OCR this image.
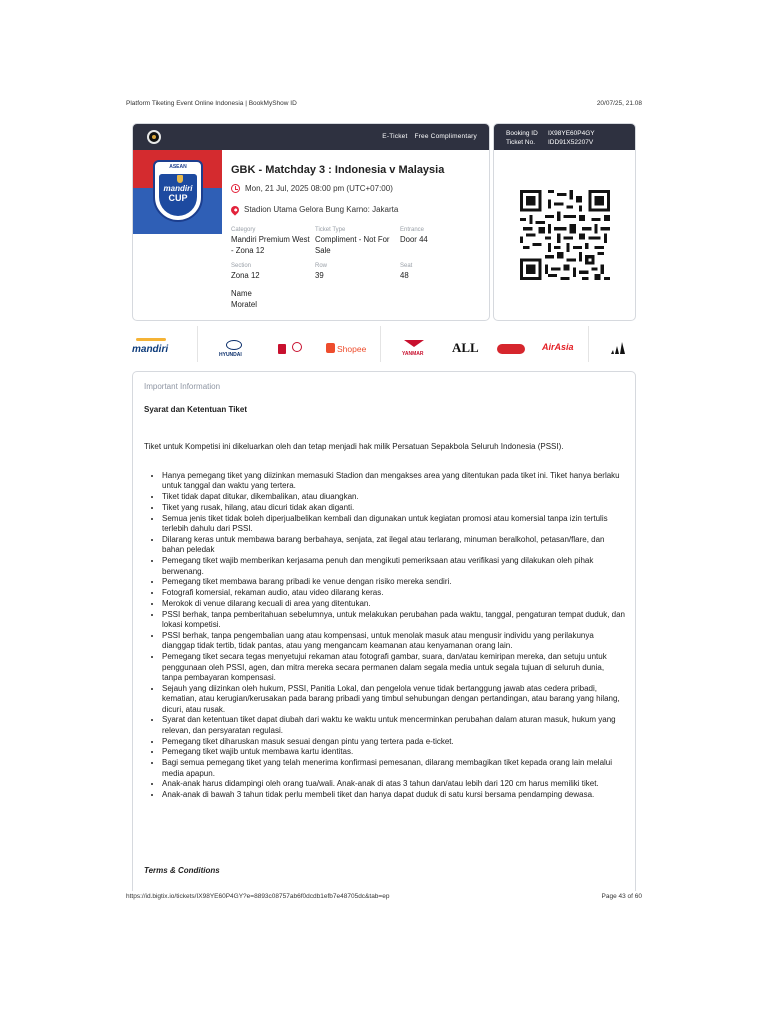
Platform Tiketing Event Online Indonesia | BookMyShow ID	20/07/25, 21.08
E-Ticket Free Complimentary
ASEAN
mandiri
CUP
GBK - Matchday 3 : Indonesia v Malaysia
Mon, 21 Jul, 2025 08:00 pm (UTC+07:00)
Stadion Utama Gelora Bung Karno: Jakarta
Category
Mandiri Premium West - Zona 12
Ticket Type
Compliment - Not For Sale
Entrance
Door 44
Section
Zona 12
Row
39
Seat
48
Name
Moratel
Booking ID IX98YE60P4GY
Ticket No. IDD91X52207V
mandiri	HYUNDAI
Shopee	YANMAR ALL	AirAsia
Important Information
Syarat dan Ketentuan Tiket
Tiket untuk Kompetisi ini dikeluarkan oleh dan tetap menjadi hak milik Persatuan Sepakbola Seluruh Indonesia (PSSI).
• Hanya pemegang tiket yang diizinkan memasuki Stadion dan mengakses area yang ditentukan pada tiket ini. Tiket hanya berlaku untuk tanggal dan waktu yang tertera.
• Tiket tidak dapat ditukar, dikembalikan, atau diuangkan.
• Tiket yang rusak, hilang, atau dicuri tidak akan diganti.
• Semua jenis tiket tidak boleh diperjualbelikan kembali dan digunakan untuk kegiatan promosi atau komersial tanpa izin tertulis terlebih dahulu dari PSSI.
• Dilarang keras untuk membawa barang berbahaya, senjata, zat ilegal atau terlarang, minuman beralkohol, petasan/flare, dan bahan peledak
• Pemegang tiket wajib memberikan kerjasama penuh dan mengikuti pemeriksaan atau verifikasi yang dilakukan oleh pihak berwenang.
• Pemegang tiket membawa barang pribadi ke venue dengan risiko mereka sendiri.
• Fotografi komersial, rekaman audio, atau video dilarang keras.
• Merokok di venue dilarang kecuali di area yang ditentukan.
• PSSI berhak, tanpa pemberitahuan sebelumnya, untuk melakukan perubahan pada waktu, tanggal, pengaturan tempat duduk, dan lokasi kompetisi.
• PSSI berhak, tanpa pengembalian uang atau kompensasi, untuk menolak masuk atau mengusir individu yang perilakunya dianggap tidak tertib, tidak pantas, atau yang mengancam keamanan atau kenyamanan orang lain.
• Pemegang tiket secara tegas menyetujui rekaman atau fotografi gambar, suara, dan/atau kemiripan mereka, dan setuju untuk penggunaan oleh PSSI, agen, dan mitra mereka secara permanen dalam segala media untuk segala tujuan di seluruh dunia, tanpa pembayaran kompensasi.
• Sejauh yang diizinkan oleh hukum, PSSI, Panitia Lokal, dan pengelola venue tidak bertanggung jawab atas cedera pribadi, kematian, atau kerugian/kerusakan pada barang pribadi yang timbul sehubungan dengan pertandingan, atau barang yang hilang, dicuri, atau rusak.
• Syarat dan ketentuan tiket dapat diubah dari waktu ke waktu untuk mencerminkan perubahan dalam aturan masuk, hukum yang relevan, dan persyaratan regulasi.
• Pemegang tiket diharuskan masuk sesuai dengan pintu yang tertera pada e-ticket.
• Pemegang tiket wajib untuk membawa kartu identitas.
• Bagi semua pemegang tiket yang telah menerima konfirmasi pemesanan, dilarang membagikan tiket kepada orang lain melalui media apapun.
• Anak-anak harus didampingi oleh orang tua/wali. Anak-anak di atas 3 tahun dan/atau lebih dari 120 cm harus memiliki tiket.
• Anak-anak di bawah 3 tahun tidak perlu membeli tiket dan hanya dapat duduk di satu kursi bersama pendamping dewasa.
Terms & Conditions
https://id.bigtix.io/tickets/IX98YE60P4GY?e=8893c08757ab6f0dcdb1efb7e48705dc&tab=ep	Page 43 of 60
